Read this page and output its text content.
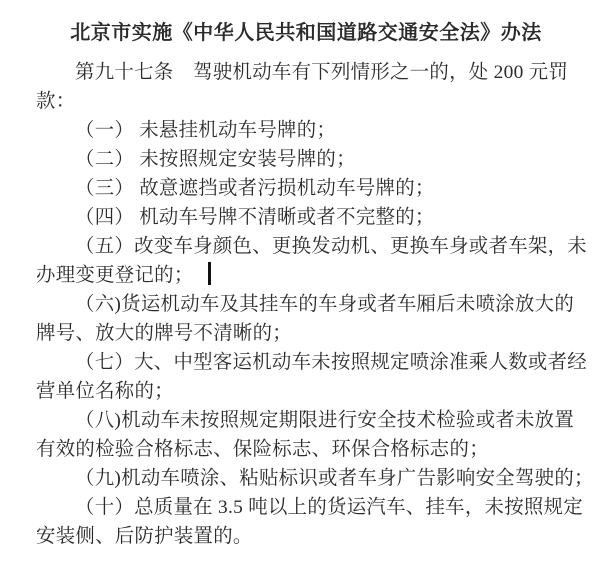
北京市实施《中华人民共和国道路交通安全法》办法
第九十七条　驾驶机动车有下列情形之一的，处 200 元罚
款：
（一） 未悬挂机动车号牌的；
（二） 未按照规定安装号牌的；
（三） 故意遮挡或者污损机动车号牌的；
（四） 机动车号牌不清晰或者不完整的；
（五）改变车身颜色、更换发动机、更换车身或者车架，未
办理变更登记的；
（六)货运机动车及其挂车的车身或者车厢后未喷涂放大的
牌号、放大的牌号不清晰的；
（七）大、中型客运机动车未按照规定喷涂准乘人数或者经
营单位名称的；
（八)机动车未按照规定期限进行安全技术检验或者未放置
有效的检验合格标志、保险标志、环保合格标志的；
（九)机动车喷涂、粘贴标识或者车身广告影响安全驾驶的；
（十）总质量在 3.5 吨以上的货运汽车、挂车，未按照规定
安装侧、后防护装置的。
